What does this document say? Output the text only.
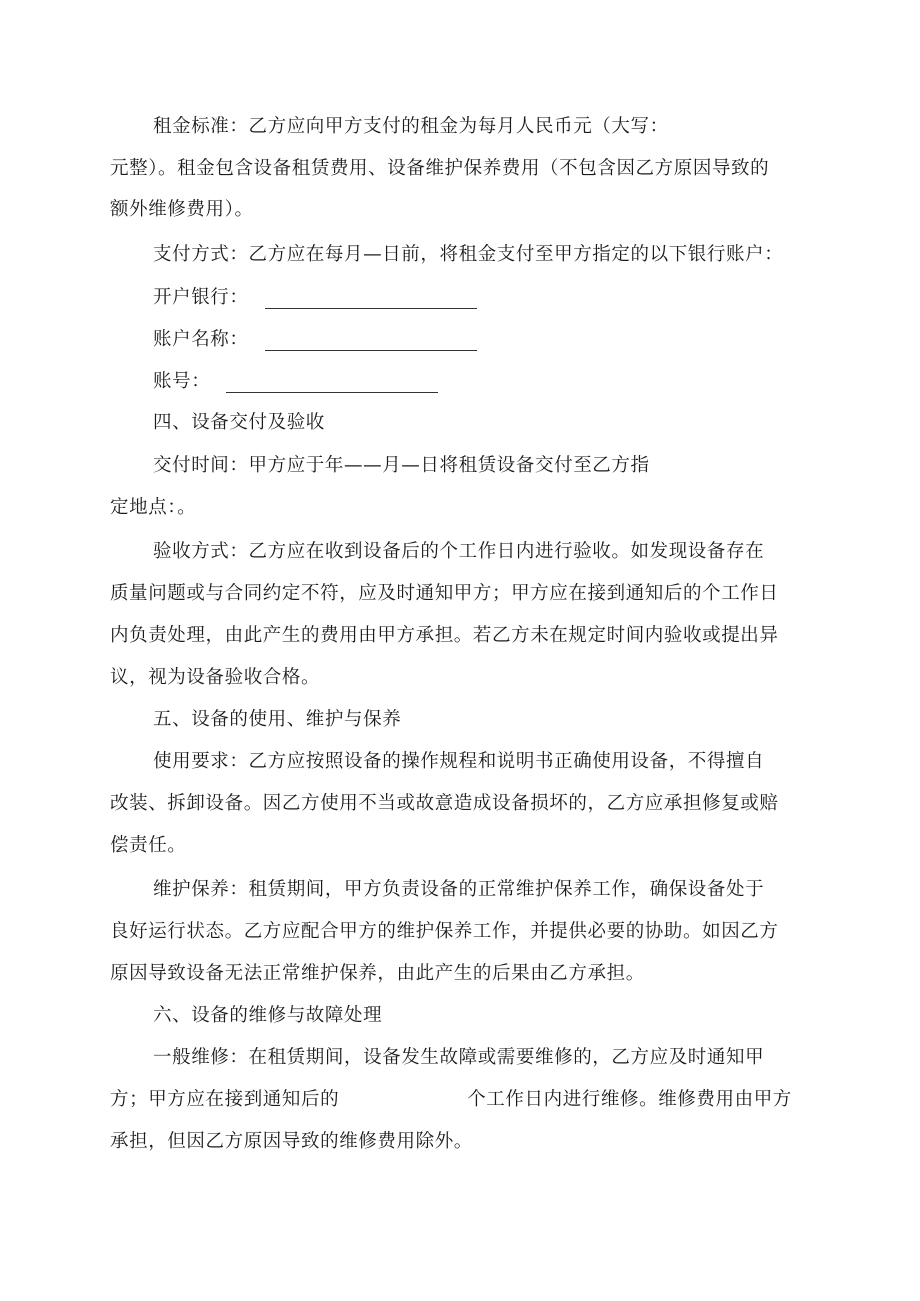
租金标准：乙方应向甲方支付的租金为每月人民币元（大写：
元整）。租金包含设备租赁费用、设备维护保养费用（不包含因乙方原因导致的
额外维修费用）。
支付方式：乙方应在每月—日前，将租金支付至甲方指定的以下银行账户：
开户银行：
账户名称：
账号：
四、设备交付及验收
交付时间：甲方应于年——月—日将租赁设备交付至乙方指
定地点：。
验收方式：乙方应在收到设备后的个工作日内进行验收。如发现设备存在
质量问题或与合同约定不符，应及时通知甲方；甲方应在接到通知后的个工作日
内负责处理，由此产生的费用由甲方承担。若乙方未在规定时间内验收或提出异
议，视为设备验收合格。
五、设备的使用、维护与保养
使用要求：乙方应按照设备的操作规程和说明书正确使用设备，不得擅自
改装、拆卸设备。因乙方使用不当或故意造成设备损坏的，乙方应承担修复或赔
偿责任。
维护保养：租赁期间，甲方负责设备的正常维护保养工作，确保设备处于
良好运行状态。乙方应配合甲方的维护保养工作，并提供必要的协助。如因乙方
原因导致设备无法正常维护保养，由此产生的后果由乙方承担。
六、设备的维修与故障处理
一般维修：在租赁期间，设备发生故障或需要维修的，乙方应及时通知甲
方；甲方应在接到通知后的	个工作日内进行维修。维修费用由甲方
承担，但因乙方原因导致的维修费用除外。
